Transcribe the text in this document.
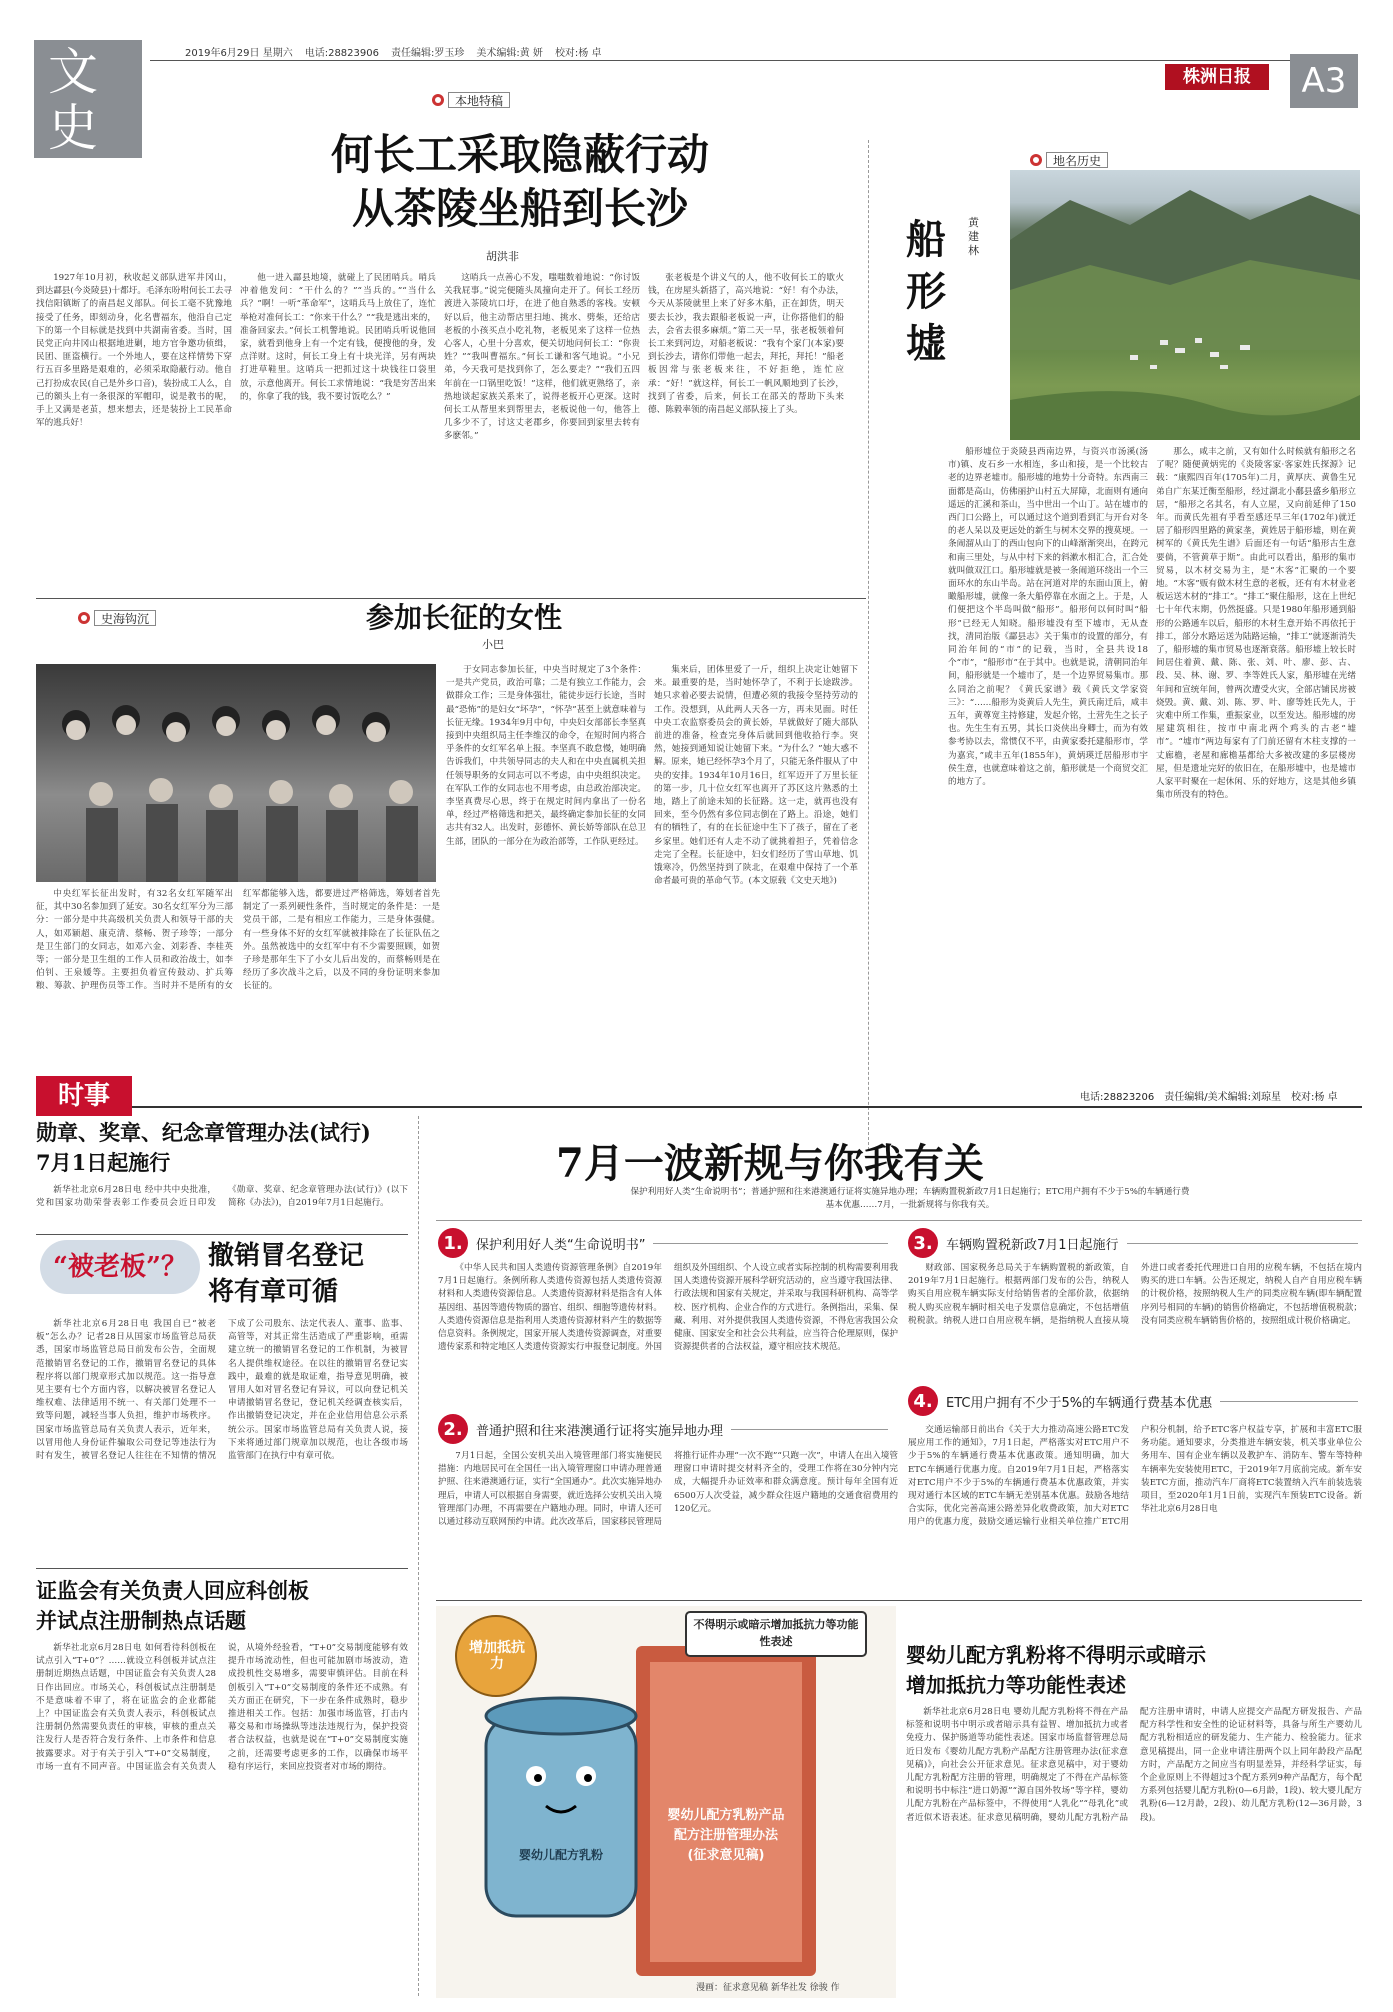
文史
2019年6月29日 星期六 电话:28823906 责任编辑:罗玉珍 美术编辑:黄 妍 校对:杨 卓
株洲日报	A3
本地特稿
何长工采取隐蔽行动
从茶陵坐船到长沙
胡洪非

1927年10月初，秋收起义部队进军井冈山，到达酃县(今炎陵县)十都圩。毛泽东吩咐何长工去寻找信阳镇断了的南昌起义部队。何长工毫不犹豫地接受了任务，即刻动身，化名曹福东，他沿自己定下的第一个目标就是找到中共湖南省委。当时，国民党正向井冈山根据地进剿，地方官争邀功侦缉，民团、匪盗横行。一个外地人，要在这样情势下穿行五百多里路是艰难的，必须采取隐蔽行动。他自己打扮成农民(自己是外乡口音)，装扮成工人么，自己的额头上有一条很深的军帽印，说是教书的呢，手上又满是老茧，想来想去，还是装扮上工民革命军的逃兵好！

他一进入酃县地境，就碰上了民团哨兵。哨兵冲着他发问：“干什么的？”“当兵的。”“当什么兵？”啊！一听“革命军”，这哨兵马上放住了，连忙举枪对准何长工：“你来干什么？”“我是逃出来的，准备回家去。”何长工机警地说。民团哨兵听说他回家，就看到他身上有一个定有钱，便搜他的身，发点洋财。这时，何长工身上有十块光洋，另有两块打进草鞋里。这哨兵一把抓过这十块钱往口袋里放，示意他离开。何长工求情地说：“我是穷苦出来的，你拿了我的钱，我不要讨饭吃么？”

这哨兵一点善心不发，嗤嗤数着地说：“你讨饭关我屁事。”说完便随头凤撞向走开了。何长工经历渡进入茶陵坑口圩，在进了他自熟悉的客栈。安顿好以后，他主动帮店里扫地、挑水、劈柴，还给店老板的小孩买点小吃礼物，老板见来了这样一位热心客人，心里十分喜欢，便关切地问何长工：“你贵姓？”“我叫曹福东。”何长工谦和客气地说。“小兄弟，今天我可是找到你了，怎么要走？”“我们五四年前在一口锅里吃饭！”这样，他们就更熟络了，亲热地谈起家族关系来了，说得老板开心更深。这时何长工从帮里来到帮里去，老板说他一句，他答上几多少不了，讨这丈老郡乡，你要回到家里去转有多麽邻。”

张老板是个讲义气的人，他不收何长工的歇火钱，在房屋头新搭了，高兴地说：“好！有个办法，今天从茶陵就里上来了好多木船，正在卸货，明天要去长沙，我去跟船老板说一声，让你搭他们的船去，会省去很多麻烦。”第二天一早，张老板领着何长工来到河边，对船老板说：“我有个家门(本家)要到长沙去，请你们带他一起去，拜托，拜托！”船老板因常与张老板来往，不好拒绝，连忙应承：“好！”就这样，何长工一帆风顺地到了长沙，找到了省委，后来，何长工在邵关的帮助下头来德、陈毅率领的南昌起义部队接上了头。

地名历史
船形墟
黄建林

船形墟位于炎陵县西南边界，与资兴市汤溪(汤市)镇、皮石乡一水相连，多山和接，是一个比较古老的边界老墟市。船形墟的地势十分奇特。东西南三面都是高山，仿佛丽护山村五大屏障，北面则有通向遥远的汇溪和茶山，当中世出一个山丁。站在墟市的西门口公路上，可以通过这个道到看到汇与开台对冬的老人呆以及更远处的新生与树木交界的搜莫埂。一条闹溜从山丁的西山包向下的山峰渐渐突出，在跨元和南三里处，与从中村下来的斜漱水相汇合，汇合处就叫做双江口。船形墟就是被一条闹道环绕出一个三面环水的东山半岛。站在河道对岸的东面山顶上，俯瞰船形墟，就像一条大船停靠在水面之上。于是，人们便把这个半岛叫做“船形”。船形何以何时叫“船形”已经无人知晓。船形墟没有至下墟市，无从查找，清同治版《酃县志》关于集市的设置的部分，有同治年间的“市”的记载，当时，全县共设18个“市”，“船形市”在于其中。也就是说，清朝同治年间，船形就是一个墟市了，是一个边界贸易集市。那么同治之前呢？《黄氏家谱》载《黄氏文学家资三》：“……船形为炎黄后人先生，黄氏南迁后，咸丰五年，黄尊宽主持修建，发起介铭，土营先生之长子也。先生生有五男，其长口炎侠出身卿士，而为有效参考协以去，常惯仅不平，由黄家委托建船形市，学为嘉宾，”咸丰五年(1855年)，黄炳瑛迁居船形市宇侯生意，也就意味着这之前，船形就是一个商贸交汇的地方了。

那么，咸丰之前，又有如什么时候就有船形之名了呢？随便黄炳宪的《炎陵客家·客家姓氏探源》记载：“康熙四百年(1705年)二月，黄厚庆、黄鲁生兄弟自广东某迁衡至船形，经过湖北小鄱县盛乡船形立居，“船形之名其名，有人立屋，又向前延伸了150年。而黄氏先祖有乎看至感还早三年(1702年)就迁居了船形四里路的黄家垄，黄姓居于船形墟，则在黄树军的《黄氏先生谱》后面还有一句话“船形古生意要倘，不管黄草于斯”。由此可以看出，船形的集市贸易，以木材交易为主，是“木客”汇聚的一个要地。“木客”贩有做木材生意的老板，还有有木材业老板运送木材的“排工”。“排工”聚住船形，这在上世纪七十年代末期，仍然挺盛。只是1980年船形通到船形的公路通车以后，船形的木材生意开始不再依托于排工，部分水路运送为陆路运输，“排工”就逐渐消失了，船形墟的集市贸易也逐渐衰落。船形墟上较长时间居住着黄、戴、陈、张、刘、叶、廖、彭、古、段、吴、林、谢、罗、李等姓氏人家，船形墟在光绪年间和宣统年间，曾两次遭受火灾，全部店铺民房被烧毁。黄、戴、刘、陈、罗、叶、廖等姓氏先人，于灾难中所工作集，重振家业，以至发达。船形墟的房屋建筑相往，按市中南北两个鸡头的古老“墟市”。“墟市”两边每家有了门前还留有木柱支撑的一丈廊檐，老屋和廊檐基都给大多被改建的多层楼房屋，但是遗址完好的依旧在，在船形墟中，也是墟市人家平时聚在一起休闲、乐的好地方，这是其他乡镇集市所没有的特色。

史海钩沉	参加长征的女性
小巴

中央红军长征出发时，有32名女红军随军出征，其中30名参加到了延安。30名女红军分为三部分：一部分是中共高级机关负责人和领导干部的夫人，如邓颖超、康克清、蔡畅、贺子珍等；一部分是卫生部门的女同志，如邓六金、刘彩香、李桂英等；一部分是卫生组的工作人员和政治战士，如李伯钊、王泉媛等。主要担负着宣传鼓动、扩兵筹粮、筹款、护理伤员等工作。当时并不是所有的女红军都能够入选，都要进过严格筛选，筹划者首先制定了一系列硬性条件，当时规定的条件是：一是党员干部，二是有相应工作能力，三是身体强健。有一些身体不好的女红军就被排除在了长征队伍之外。虽然被选中的女红军中有不少需要照顾，如贺子珍是那年生下了小女儿后出发的，而蔡畅则是在经历了多次战斗之后，以及不同的身份证明来参加长征的。

于女同志参加长征，中央当时规定了3个条件：一是共产党员，政治可靠；二是有独立工作能力，会做群众工作；三是身体强壮，能徒步远行长途，当时最“恐怖”的是妇女“坏孕”，“怀孕”甚至上就意味着与长征无缘。1934年9月中旬，中央妇女部部长李坚真接到中央组织局主任李维汉的命令，在短时间内将合乎条件的女红军名单上报。李坚真不敢怠慢，她明确告诉我们，中共领导同志的夫人和在中央直属机关担任领导职务的女同志可以不考虑，由中央组织决定。在军队工作的女同志也不用考虑，由总政治部决定。李坚真费尽心思，终于在规定时间内拿出了一份名单，经过严格筛选和把关，最终确定参加长征的女同志共有32人。出发时，彭德怀、黄长娇等部队在总卫生部，团队的一部分在为政治部等，工作队更经过。

集来后，团体里爱了一斤，组织上决定让她留下来。最重要的是，当时她怀孕了，不利于长途跋涉。她只求着必要去说情，但遭必须的我接令坚持劳动的工作。没想到，从此两人天各一方，再未见面。时任中央工农监察委员会的黄长娇，早就做好了随大部队前进的准备，检查完身体后就回到他收拾行李。突然，她接到通知说让她留下来。“为什么？”她大惑不解。原来，她已经怀孕3个月了，只能无条件服从了中央的安排。1934年10月16日，红军迈开了万里长征的第一步，几十位女红军也离开了苏区这片熟悉的土地，踏上了前途未知的长征路。这一走，就再也没有回来，至今仍然有多位同志倒在了路上。沿途，她们有的牺牲了，有的在长征途中生下了孩子，留在了老乡家里。她们还有人走不动了就挑着担子，凭着信念走完了全程。长征途中，妇女们经历了雪山草地、饥饿寒冷，仍然坚持到了陕北，在艰难中保持了一个革命者最可贵的革命气节。(本文原载《文史天地》)

时事	电话:28823206 责任编辑/美术编辑:刘琼星 校对:杨 卓
勋章、奖章、纪念章管理办法(试行)
7月1日起施行

新华社北京6月28日电 经中共中央批准，党和国家功勋荣誉表彰工作委员会近日印发《勋章、奖章、纪念章管理办法(试行)》(以下简称《办法》)，自2019年7月1日起施行。

“被老板”？ 撤销冒名登记
将有章可循

新华社北京6月28日电 我国自已“被老板”怎么办？记者28日从国家市场监管总局获悉，国家市场监管总局日前发布公告，全面规范撤销冒名登记的工作，撤销冒名登记的具体程序将以部门规章形式加以规范。这一指导意见主要有七个方面内容，以解决被冒名登记人维权难、法律适用不统一、有关部门处理不一致等问题，减轻当事人负担，维护市场秩序。国家市场监管总局有关负责人表示，近年来，以冒用他人身份证件骗取公司登记等违法行为时有发生，被冒名登记人往往在不知情的情况下成了公司股东、法定代表人、董事、监事、高管等，对其正常生活造成了严重影响，亟需建立统一的撤销冒名登记的工作机制，为被冒名人提供维权途径。在以往的撤销冒名登记实践中，最难的就是取证难，指导意见明确，被冒用人如对冒名登记有异议，可以向登记机关申请撤销冒名登记，登记机关经调查核实后，作出撤销登记决定，并在企业信用信息公示系统公示。国家市场监管总局有关负责人说，接下来将通过部门规章加以规范，也让各级市场监管部门在执行中有章可依。

证监会有关负责人回应科创板
并试点注册制热点话题

新华社北京6月28日电 如何看待科创板在试点引入“T+0”？……就设立科创板并试点注册制近期热点话题，中国证监会有关负责人28日作出回应。市场关心，科创板试点注册制是不是意味着不审了，将在证监会的企业都能上？中国证监会有关负责人表示，科创板试点注册制仍然需要负责任的审核，审核的重点关注发行人是否符合发行条件、上市条件和信息披露要求。对于有关于引入“T+0”交易制度，市场一直有不同声音。中国证监会有关负责人说，从境外经验看，“T+0”交易制度能够有效提升市场流动性，但也可能加剧市场波动，造成投机性交易增多，需要审慎评估。目前在科创板引入“T+0”交易制度的条件还不成熟。有关方面正在研究，下一步在条件成熟时，稳步推进相关工作。包括：加强市场监管，打击内幕交易和市场操纵等违法违规行为，保护投资者合法权益，也就是说在“T+0”交易制度实施之前，还需要考虑更多的工作，以确保市场平稳有序运行，来回应投资者对市场的期待。

7月一波新规与你我有关
保护利用好人类“生命说明书”；普通护照和往来港澳通行证将实施异地办理；车辆购置税新政7月1日起施行；ETC用户拥有不少于5%的车辆通行费基本优惠……7月，一批新规将与你我有关。
1.	保护利用好人类“生命说明书”

《中华人民共和国人类遗传资源管理条例》自2019年7月1日起施行。条例所称人类遗传资源包括人类遗传资源材料和人类遗传资源信息。人类遗传资源材料是指含有人体基因组、基因等遗传物质的器官、组织、细胞等遗传材料。人类遗传资源信息是指利用人类遗传资源材料产生的数据等信息资料。条例规定，国家开展人类遗传资源调查，对重要遗传家系和特定地区人类遗传资源实行申报登记制度。外国组织及外国组织、个人设立或者实际控制的机构需要利用我国人类遗传资源开展科学研究活动的，应当遵守我国法律、行政法规和国家有关规定，并采取与我国科研机构、高等学校、医疗机构、企业合作的方式进行。条例指出，采集、保藏、利用、对外提供我国人类遗传资源，不得危害我国公众健康、国家安全和社会公共利益，应当符合伦理原则，保护资源提供者的合法权益，遵守相应技术规范。

2.	普通护照和往来港澳通行证将实施异地办理

7月1日起，全国公安机关出入境管理部门将实施便民措施：内地居民可在全国任一出入境管理窗口申请办理普通护照、往来港澳通行证，实行“全国通办”。此次实施异地办理后，申请人可以根据自身需要，就近选择公安机关出入境管理部门办理，不再需要在户籍地办理。同时，申请人还可以通过移动互联网预约申请。此次改革后，国家移民管理局将推行证件办理“一次不跑”“只跑一次”，申请人在出入境管理窗口申请时提交材料齐全的，受理工作将在30分钟内完成，大幅提升办证效率和群众满意度。预计每年全国有近6500万人次受益，减少群众往返户籍地的交通食宿费用约120亿元。

3.	车辆购置税新政7月1日起施行

财政部、国家税务总局关于车辆购置税的新政策，自2019年7月1日起施行。根据两部门发布的公告，纳税人购买自用应税车辆实际支付给销售者的全部价款，依据纳税人购买应税车辆时相关电子发票信息确定，不包括增值税税款。纳税人进口自用应税车辆，是指纳税人直接从境外进口或者委托代理进口自用的应税车辆，不包括在境内购买的进口车辆。公告还规定，纳税人自产自用应税车辆的计税价格，按照纳税人生产的同类应税车辆(即车辆配置序列号相同的车辆)的销售价格确定，不包括增值税税款；没有同类应税车辆销售价格的，按照组成计税价格确定。

4.	ETC用户拥有不少于5%的车辆通行费基本优惠

交通运输部日前出台《关于大力推动高速公路ETC发展应用工作的通知》，7月1日起，严格落实对ETC用户不少于5%的车辆通行费基本优惠政策。通知明确，加大ETC车辆通行优惠力度。自2019年7月1日起，严格落实对ETC用户不少于5%的车辆通行费基本优惠政策，并实现对通行本区域的ETC车辆无差别基本优惠。鼓励各地结合实际，优化完善高速公路差异化收费政策，加大对ETC用户的优惠力度，鼓励交通运输行业相关单位推广ETC用户积分机制，给予ETC客户权益专享，扩展和丰富ETC服务功能。通知要求，分类推进车辆安装，机关事业单位公务用车、国有企业车辆以及教护车、消防车、警车等特种车辆率先安装使用ETC，于2019年7月底前完成。新车安装ETC方面，推动汽车厂商将ETC装置纳入汽车前装选装项目，至2020年1月1日前，实现汽车预装ETC设备。新华社北京6月28日电

增加抵抗力
不得明示或暗示增加抵抗力等功能性表述
婴幼儿配方乳粉产品配方注册管理办法(征求意见稿)
婴幼儿配方乳粉
漫画：征求意见稿 新华社发 徐骏 作
婴幼儿配方乳粉将不得明示或暗示
增加抵抗力等功能性表述

新华社北京6月28日电 婴幼儿配方乳粉将不得在产品标签和说明书中明示或者暗示具有益智、增加抵抗力或者免疫力、保护肠道等功能性表述。国家市场监督管理总局近日发布《婴幼儿配方乳粉产品配方注册管理办法(征求意见稿)》，向社会公开征求意见。征求意见稿中，对于婴幼儿配方乳粉配方注册的管理，明确规定了不得在产品标签和说明书中标注“进口奶源”“源自国外牧场”等字样，婴幼儿配方乳粉在产品标签中，不得使用“人乳化”“母乳化”或者近似术语表述。征求意见稿明确，婴幼儿配方乳粉产品配方注册申请时，申请人应提交产品配方研发报告、产品配方科学性和安全性的论证材料等，具备与所生产婴幼儿配方乳粉相适应的研发能力、生产能力、检验能力。征求意见稿提出，同一企业申请注册两个以上同年龄段产品配方时，产品配方之间应当有明显差异，并经科学证实，每个企业原则上不得超过3个配方系列9种产品配方，每个配方系列包括婴儿配方乳粉(0—6月龄，1段)、较大婴儿配方乳粉(6—12月龄，2段)、幼儿配方乳粉(12—36月龄，3段)。
